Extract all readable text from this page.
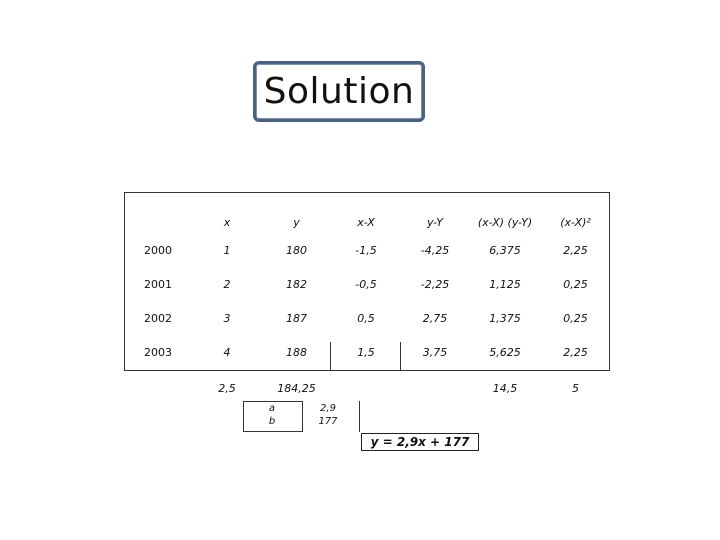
Solution
	x	y	x-X	y-Y	(x-X) (y-Y)	(x-X)²
2000	1	180	-1,5	-4,25	6,375	2,25
2001	2	182	-0,5	-2,25	1,125	0,25
2002	3	187	0,5	2,75	1,375	0,25
2003	4	188	1,5	3,75	5,625	2,25
	2,5	184,25			14,5	5
a	2,9
b	177
y = 2,9x + 177
